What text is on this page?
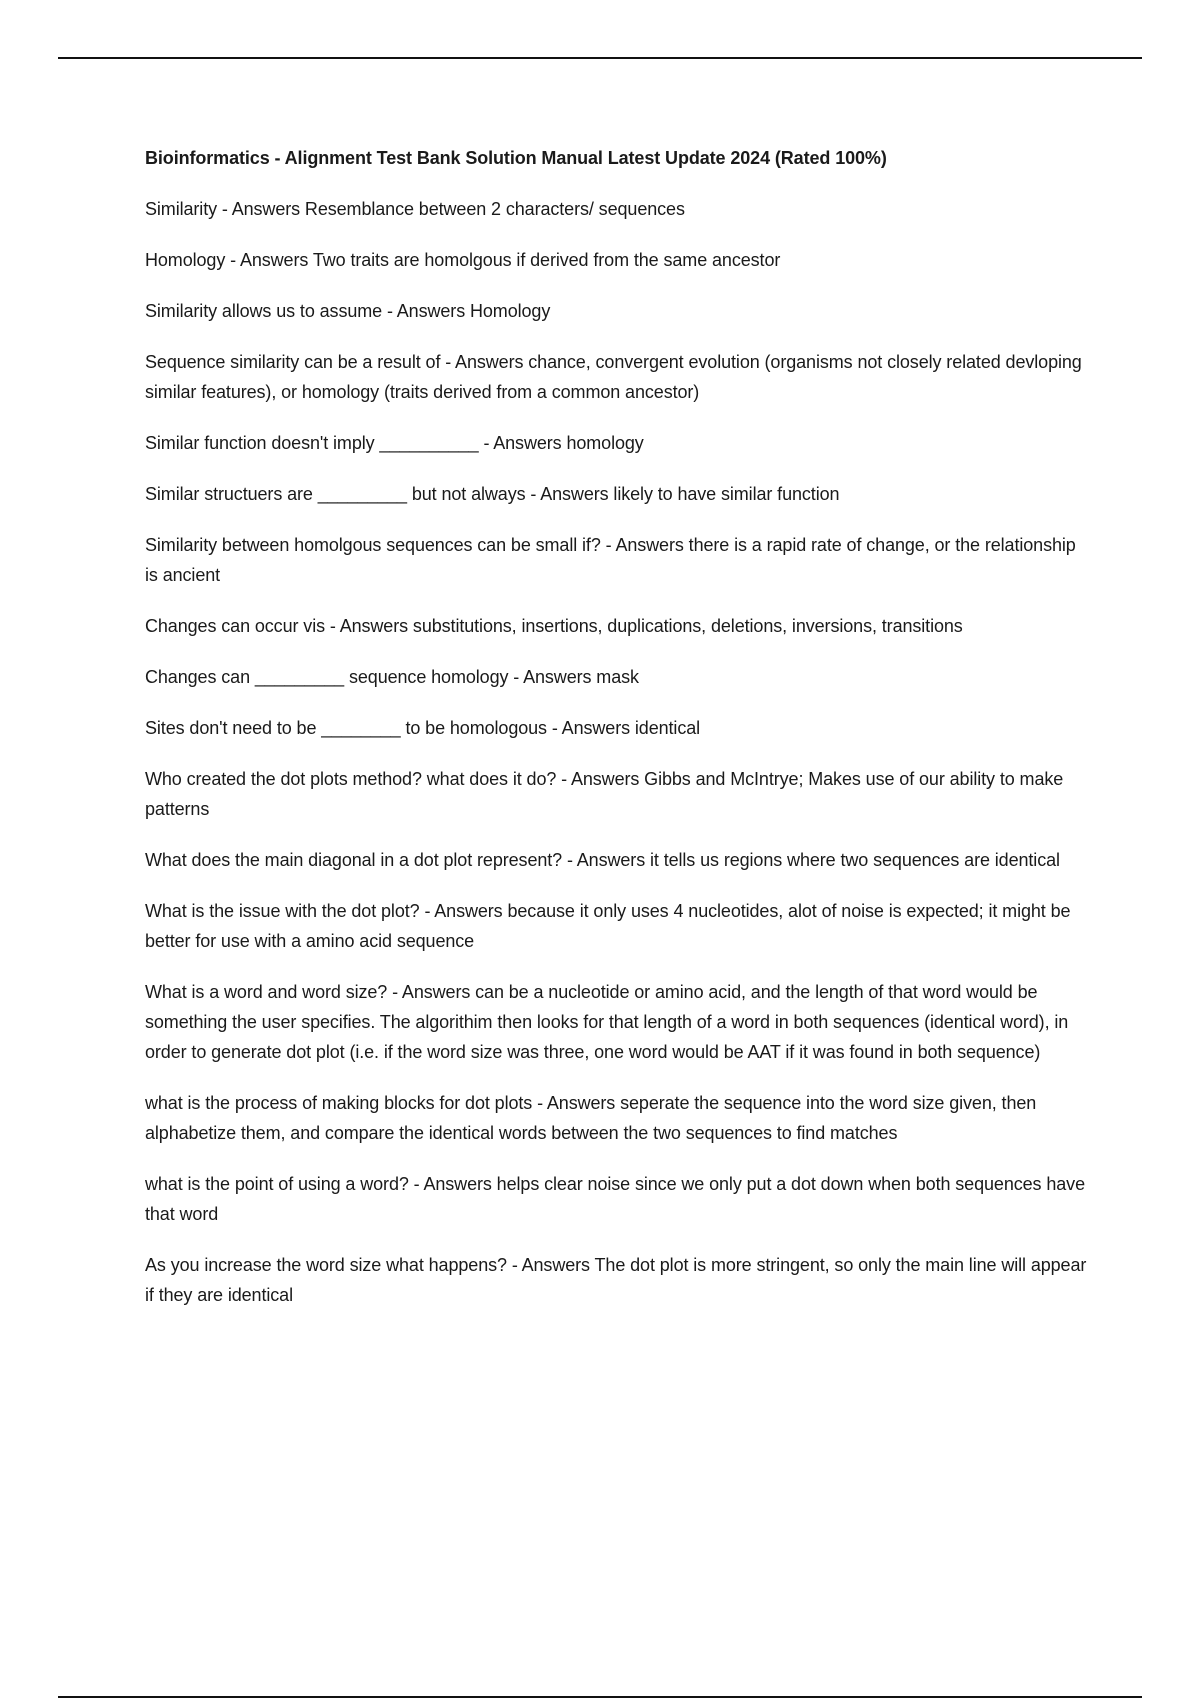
Bioinformatics - Alignment Test Bank Solution Manual Latest Update 2024 (Rated 100%)

Similarity - Answers Resemblance between 2 characters/ sequences

Homology - Answers Two traits are homolgous if derived from the same ancestor

Similarity allows us to assume - Answers Homology

Sequence similarity can be a result of - Answers chance, convergent evolution (organisms not closely related devloping similar features), or homology (traits derived from a common ancestor)

Similar function doesn't imply __________ - Answers homology

Similar structuers are _________ but not always - Answers likely to have similar function

Similarity between homolgous sequences can be small if? - Answers there is a rapid rate of change, or the relationship is ancient

Changes can occur vis - Answers substitutions, insertions, duplications, deletions, inversions, transitions

Changes can _________ sequence homology - Answers mask

Sites don't need to be ________ to be homologous - Answers identical

Who created the dot plots method? what does it do? - Answers Gibbs and McIntrye; Makes use of our ability to make patterns

What does the main diagonal in a dot plot represent? - Answers it tells us regions where two sequences are identical

What is the issue with the dot plot? - Answers because it only uses 4 nucleotides, alot of noise is expected; it might be better for use with a amino acid sequence

What is a word and word size? - Answers can be a nucleotide or amino acid, and the length of that word would be something the user specifies. The algorithim then looks for that length of a word in both sequences (identical word), in order to generate dot plot (i.e. if the word size was three, one word would be AAT if it was found in both sequence)

what is the process of making blocks for dot plots - Answers seperate the sequence into the word size given, then alphabetize them, and compare the identical words between the two sequences to find matches

what is the point of using a word? - Answers helps clear noise since we only put a dot down when both sequences have that word

As you increase the word size what happens? - Answers The dot plot is more stringent, so only the main line will appear if they are identical
